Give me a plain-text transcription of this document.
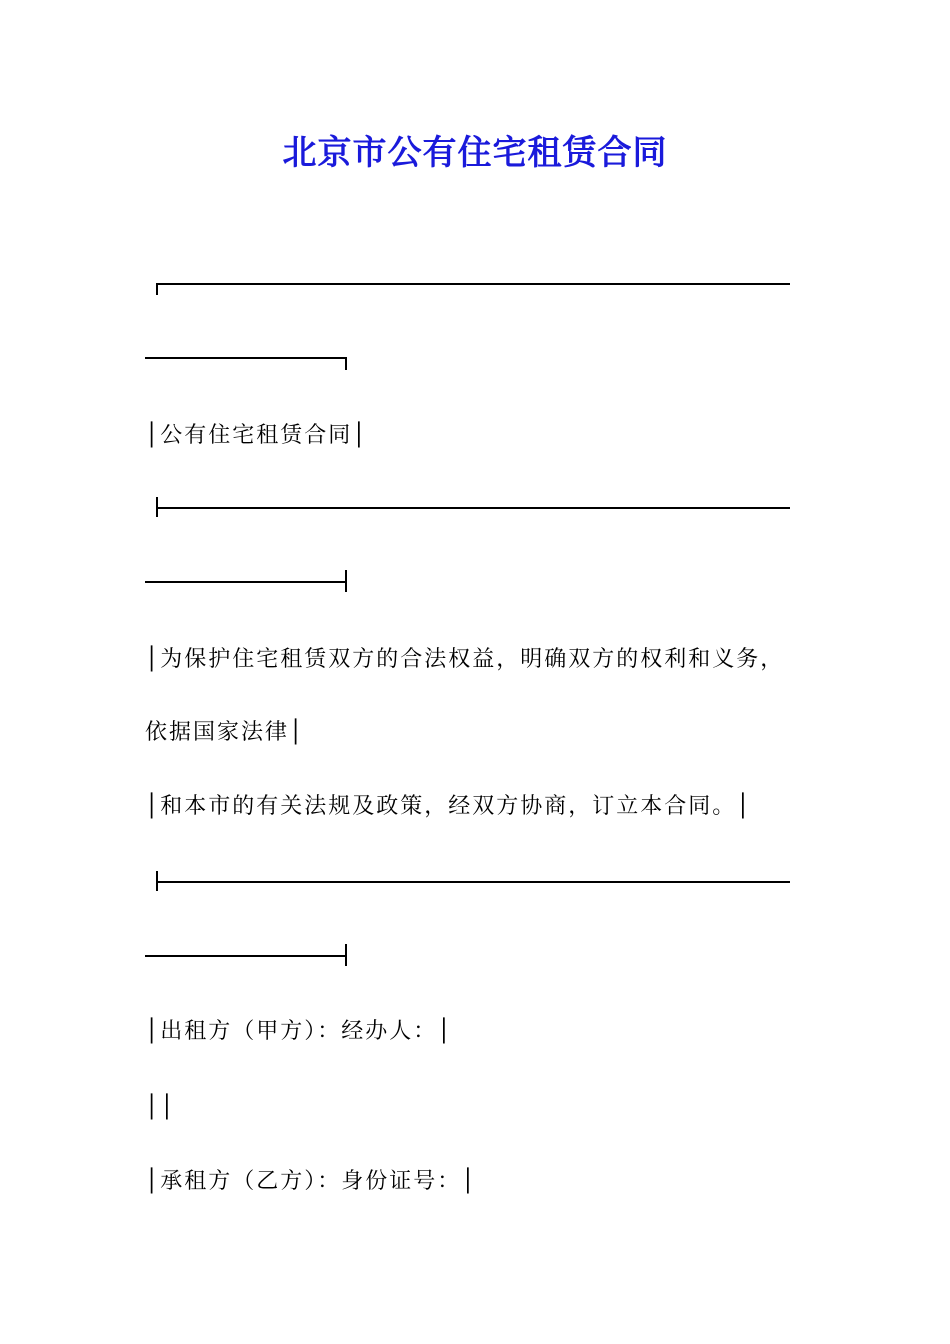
北京市公有住宅租赁合同
│公有住宅租赁合同│
│为保护住宅租赁双方的合法权益，明确双方的权利和义务，
依据国家法律│
│和本市的有关法规及政策，经双方协商，订立本合同。│
│出租方（甲方）：经办人：│
││
│承租方（乙方）：身份证号：│
